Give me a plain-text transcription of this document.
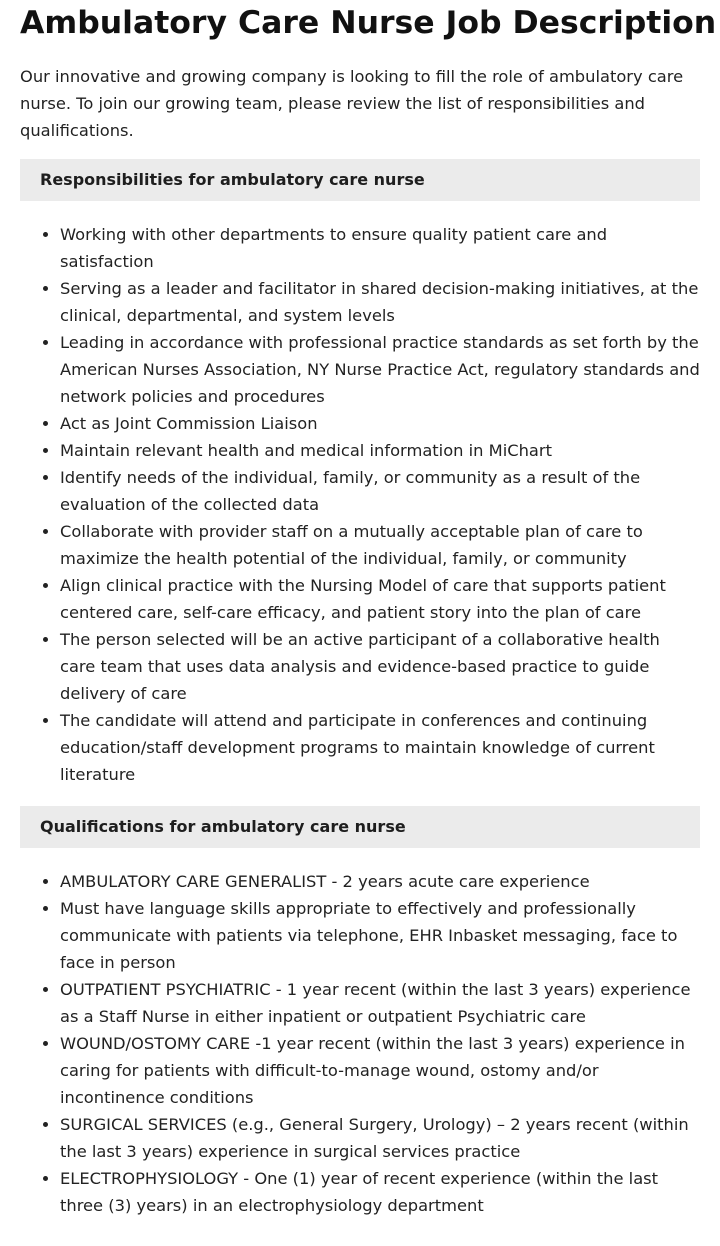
Ambulatory Care Nurse Job Description

Our innovative and growing company is looking to fill the role of ambulatory care nurse. To join our growing team, please review the list of responsibilities and qualifications.

Responsibilities for ambulatory care nurse
• Working with other departments to ensure quality patient care and satisfaction
• Serving as a leader and facilitator in shared decision-making initiatives, at the clinical, departmental, and system levels
• Leading in accordance with professional practice standards as set forth by the American Nurses Association, NY Nurse Practice Act, regulatory standards and network policies and procedures
• Act as Joint Commission Liaison
• Maintain relevant health and medical information in MiChart
• Identify needs of the individual, family, or community as a result of the evaluation of the collected data
• Collaborate with provider staff on a mutually acceptable plan of care to maximize the health potential of the individual, family, or community
• Align clinical practice with the Nursing Model of care that supports patient centered care, self-care efficacy, and patient story into the plan of care
• The person selected will be an active participant of a collaborative health care team that uses data analysis and evidence-based practice to guide delivery of care
• The candidate will attend and participate in conferences and continuing education/staff development programs to maintain knowledge of current literature
Qualifications for ambulatory care nurse
• AMBULATORY CARE GENERALIST - 2 years acute care experience
• Must have language skills appropriate to effectively and professionally communicate with patients via telephone, EHR Inbasket messaging, face to face in person
• OUTPATIENT PSYCHIATRIC - 1 year recent (within the last 3 years) experience as a Staff Nurse in either inpatient or outpatient Psychiatric care
• WOUND/OSTOMY CARE -1 year recent (within the last 3 years) experience in caring for patients with difficult-to-manage wound, ostomy and/or incontinence conditions
• SURGICAL SERVICES (e.g., General Surgery, Urology) – 2 years recent (within the last 3 years) experience in surgical services practice
• ELECTROPHYSIOLOGY - One (1) year of recent experience (within the last three (3) years) in an electrophysiology department
